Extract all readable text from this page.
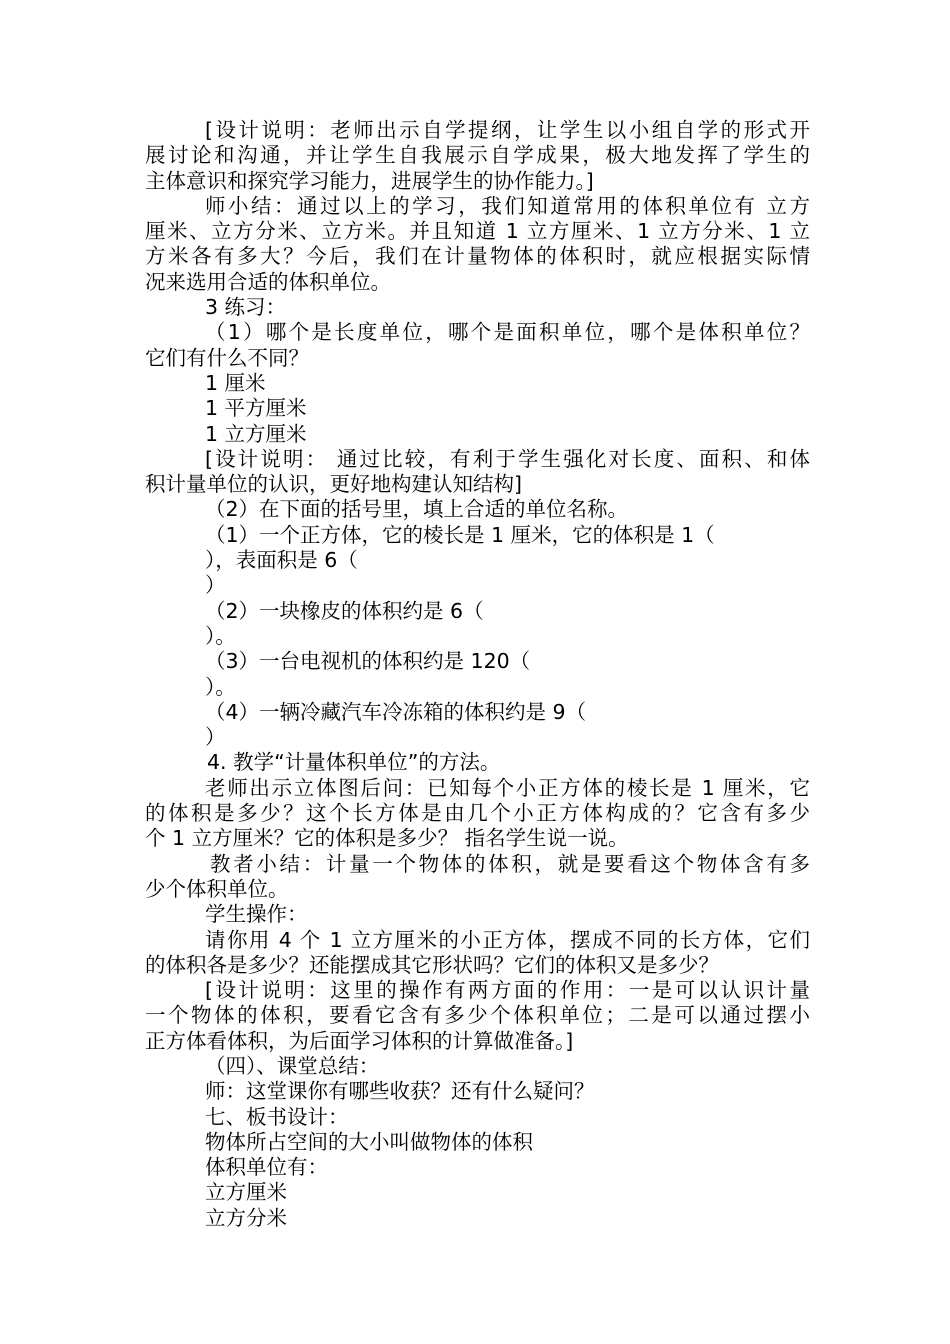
[设计说明：老师出示自学提纲，让学生以小组自学的形式开
展讨论和沟通，并让学生自我展示自学成果，极大地发挥了学生的
主体意识和探究学习能力，进展学生的协作能力。]
师小结：通过以上的学习，我们知道常用的体积单位有 立方
厘米、立方分米、立方米。并且知道 1 立方厘米、1 立方分米、1 立
方米各有多大？今后，我们在计量物体的体积时，就应根据实际情
况来选用合适的体积单位。
3 练习：
（1）哪个是长度单位，哪个是面积单位，哪个是体积单位？
它们有什么不同？
1 厘米
1 平方厘米
1 立方厘米
[设计说明： 通过比较，有利于学生强化对长度、面积、和体
积计量单位的认识，更好地构建认知结构]
（2）在下面的括号里，填上合适的单位名称。
（1）一个正方体，它的棱长是 1 厘米，它的体积是 1（
），表面积是 6（
）
（2）一块橡皮的体积约是 6（
）。
（3）一台电视机的体积约是 120（
）。
（4）一辆冷藏汽车冷冻箱的体积约是 9（
）
4. 教学“计量体积单位”的方法。
老师出示立体图后问：已知每个小正方体的棱长是 1 厘米，它
的体积是多少？这个长方体是由几个小正方体构成的？它含有多少
个 1 立方厘米？它的体积是多少？ 指名学生说一说。
教者小结：计量一个物体的体积，就是要看这个物体含有多
少个体积单位。
学生操作：
请你用 4 个 1 立方厘米的小正方体，摆成不同的长方体，它们
的体积各是多少？还能摆成其它形状吗？它们的体积又是多少？
[设计说明：这里的操作有两方面的作用：一是可以认识计量
一个物体的体积，要看它含有多少个体积单位；二是可以通过摆小
正方体看体积，为后面学习体积的计算做准备。]
（四）、课堂总结：
师：这堂课你有哪些收获？还有什么疑问？
七、板书设计：
物体所占空间的大小叫做物体的体积
体积单位有：
立方厘米
立方分米
